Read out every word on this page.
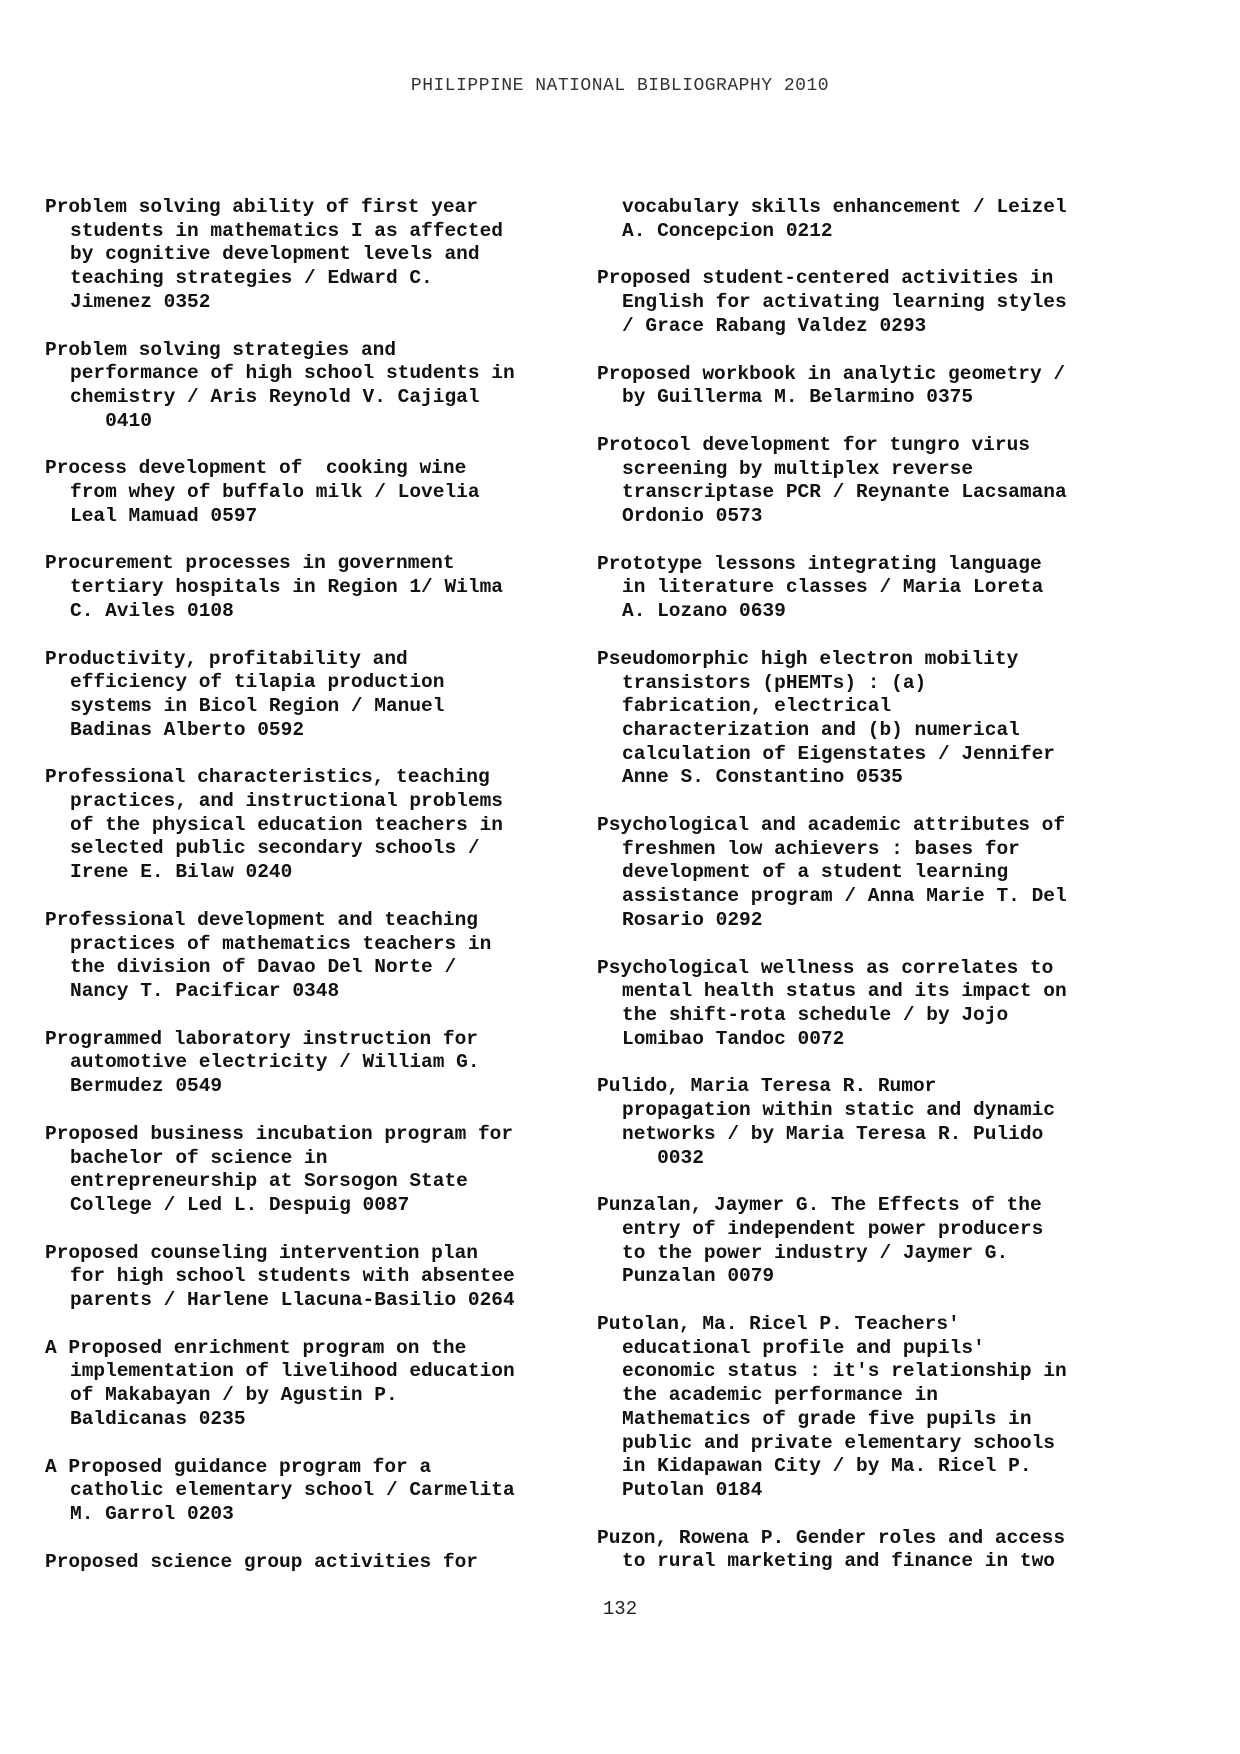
PHILIPPINE NATIONAL BIBLIOGRAPHY 2010
Problem solving ability of first year
students in mathematics I as affected
by cognitive development levels and
teaching strategies / Edward C.
Jimenez 0352
Problem solving strategies and
performance of high school students in
chemistry / Aris Reynold V. Cajigal
0410
Process development of  cooking wine
from whey of buffalo milk / Lovelia
Leal Mamuad 0597
Procurement processes in government
tertiary hospitals in Region 1/ Wilma
C. Aviles 0108
Productivity, profitability and
efficiency of tilapia production
systems in Bicol Region / Manuel
Badinas Alberto 0592
Professional characteristics, teaching
practices, and instructional problems
of the physical education teachers in
selected public secondary schools /
Irene E. Bilaw 0240
Professional development and teaching
practices of mathematics teachers in
the division of Davao Del Norte /
Nancy T. Pacificar 0348
Programmed laboratory instruction for
automotive electricity / William G.
Bermudez 0549
Proposed business incubation program for
bachelor of science in
entrepreneurship at Sorsogon State
College / Led L. Despuig 0087
Proposed counseling intervention plan
for high school students with absentee
parents / Harlene Llacuna-Basilio 0264
A Proposed enrichment program on the
implementation of livelihood education
of Makabayan / by Agustin P.
Baldicanas 0235
A Proposed guidance program for a
catholic elementary school / Carmelita
M. Garrol 0203
Proposed science group activities for
vocabulary skills enhancement / Leizel
A. Concepcion 0212
Proposed student-centered activities in
English for activating learning styles
/ Grace Rabang Valdez 0293
Proposed workbook in analytic geometry /
by Guillerma M. Belarmino 0375
Protocol development for tungro virus
screening by multiplex reverse
transcriptase PCR / Reynante Lacsamana
Ordonio 0573
Prototype lessons integrating language
in literature classes / Maria Loreta
A. Lozano 0639
Pseudomorphic high electron mobility
transistors (pHEMTs) : (a)
fabrication, electrical
characterization and (b) numerical
calculation of Eigenstates / Jennifer
Anne S. Constantino 0535
Psychological and academic attributes of
freshmen low achievers : bases for
development of a student learning
assistance program / Anna Marie T. Del
Rosario 0292
Psychological wellness as correlates to
mental health status and its impact on
the shift-rota schedule / by Jojo
Lomibao Tandoc 0072
Pulido, Maria Teresa R. Rumor
propagation within static and dynamic
networks / by Maria Teresa R. Pulido
0032
Punzalan, Jaymer G. The Effects of the
entry of independent power producers
to the power industry / Jaymer G.
Punzalan 0079
Putolan, Ma. Ricel P. Teachers'
educational profile and pupils'
economic status : it's relationship in
the academic performance in
Mathematics of grade five pupils in
public and private elementary schools
in Kidapawan City / by Ma. Ricel P.
Putolan 0184
Puzon, Rowena P. Gender roles and access
to rural marketing and finance in two
132
